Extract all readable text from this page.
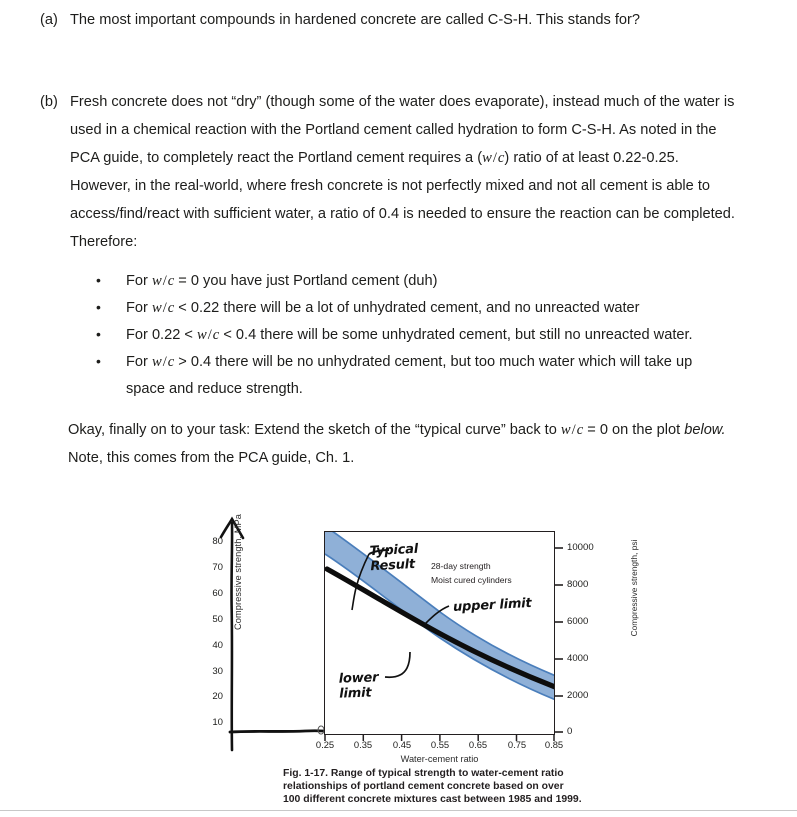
(a) The most important compounds in hardened concrete are called C-S-H. This stands for?
(b) Fresh concrete does not “dry” (though some of the water does evaporate), instead much of the water is used in a chemical reaction with the Portland cement called hydration to form C-S-H. As noted in the PCA guide, to completely react the Portland cement requires a (w/c) ratio of at least 0.22-0.25. However, in the real-world, where fresh concrete is not perfectly mixed and not all cement is able to access/find/react with sufficient water, a ratio of 0.4 is needed to ensure the reaction can be completed. Therefore:
• For w/c = 0 you have just Portland cement (duh)
• For w/c < 0.22 there will be a lot of unhydrated cement, and no unreacted water
• For 0.22 < w/c < 0.4 there will be some unhydrated cement, but still no unreacted water.
• For w/c > 0.4 there will be no unhydrated cement, but too much water which will take up space and reduce strength.
Okay, finally on to your task: Extend the sketch of the “typical curve” back to w/c = 0 on the plot below. Note, this comes from the PCA guide, Ch. 1.
Compressive strength, MPa
80
70
60
50
40
30
20
10
28-day strength
Moist cured cylinders
Typical
Result
upper limit
lower
limit
10000
8000
6000
4000
2000
0
Compressive strength, psi
0.25	0.35	0.45	0.55	0.65	0.75	0.85
Water-cement ratio
Fig. 1-17. Range of typical strength to water-cement ratio
relationships of portland cement concrete based on over
100 different concrete mixtures cast between 1985 and 1999.
